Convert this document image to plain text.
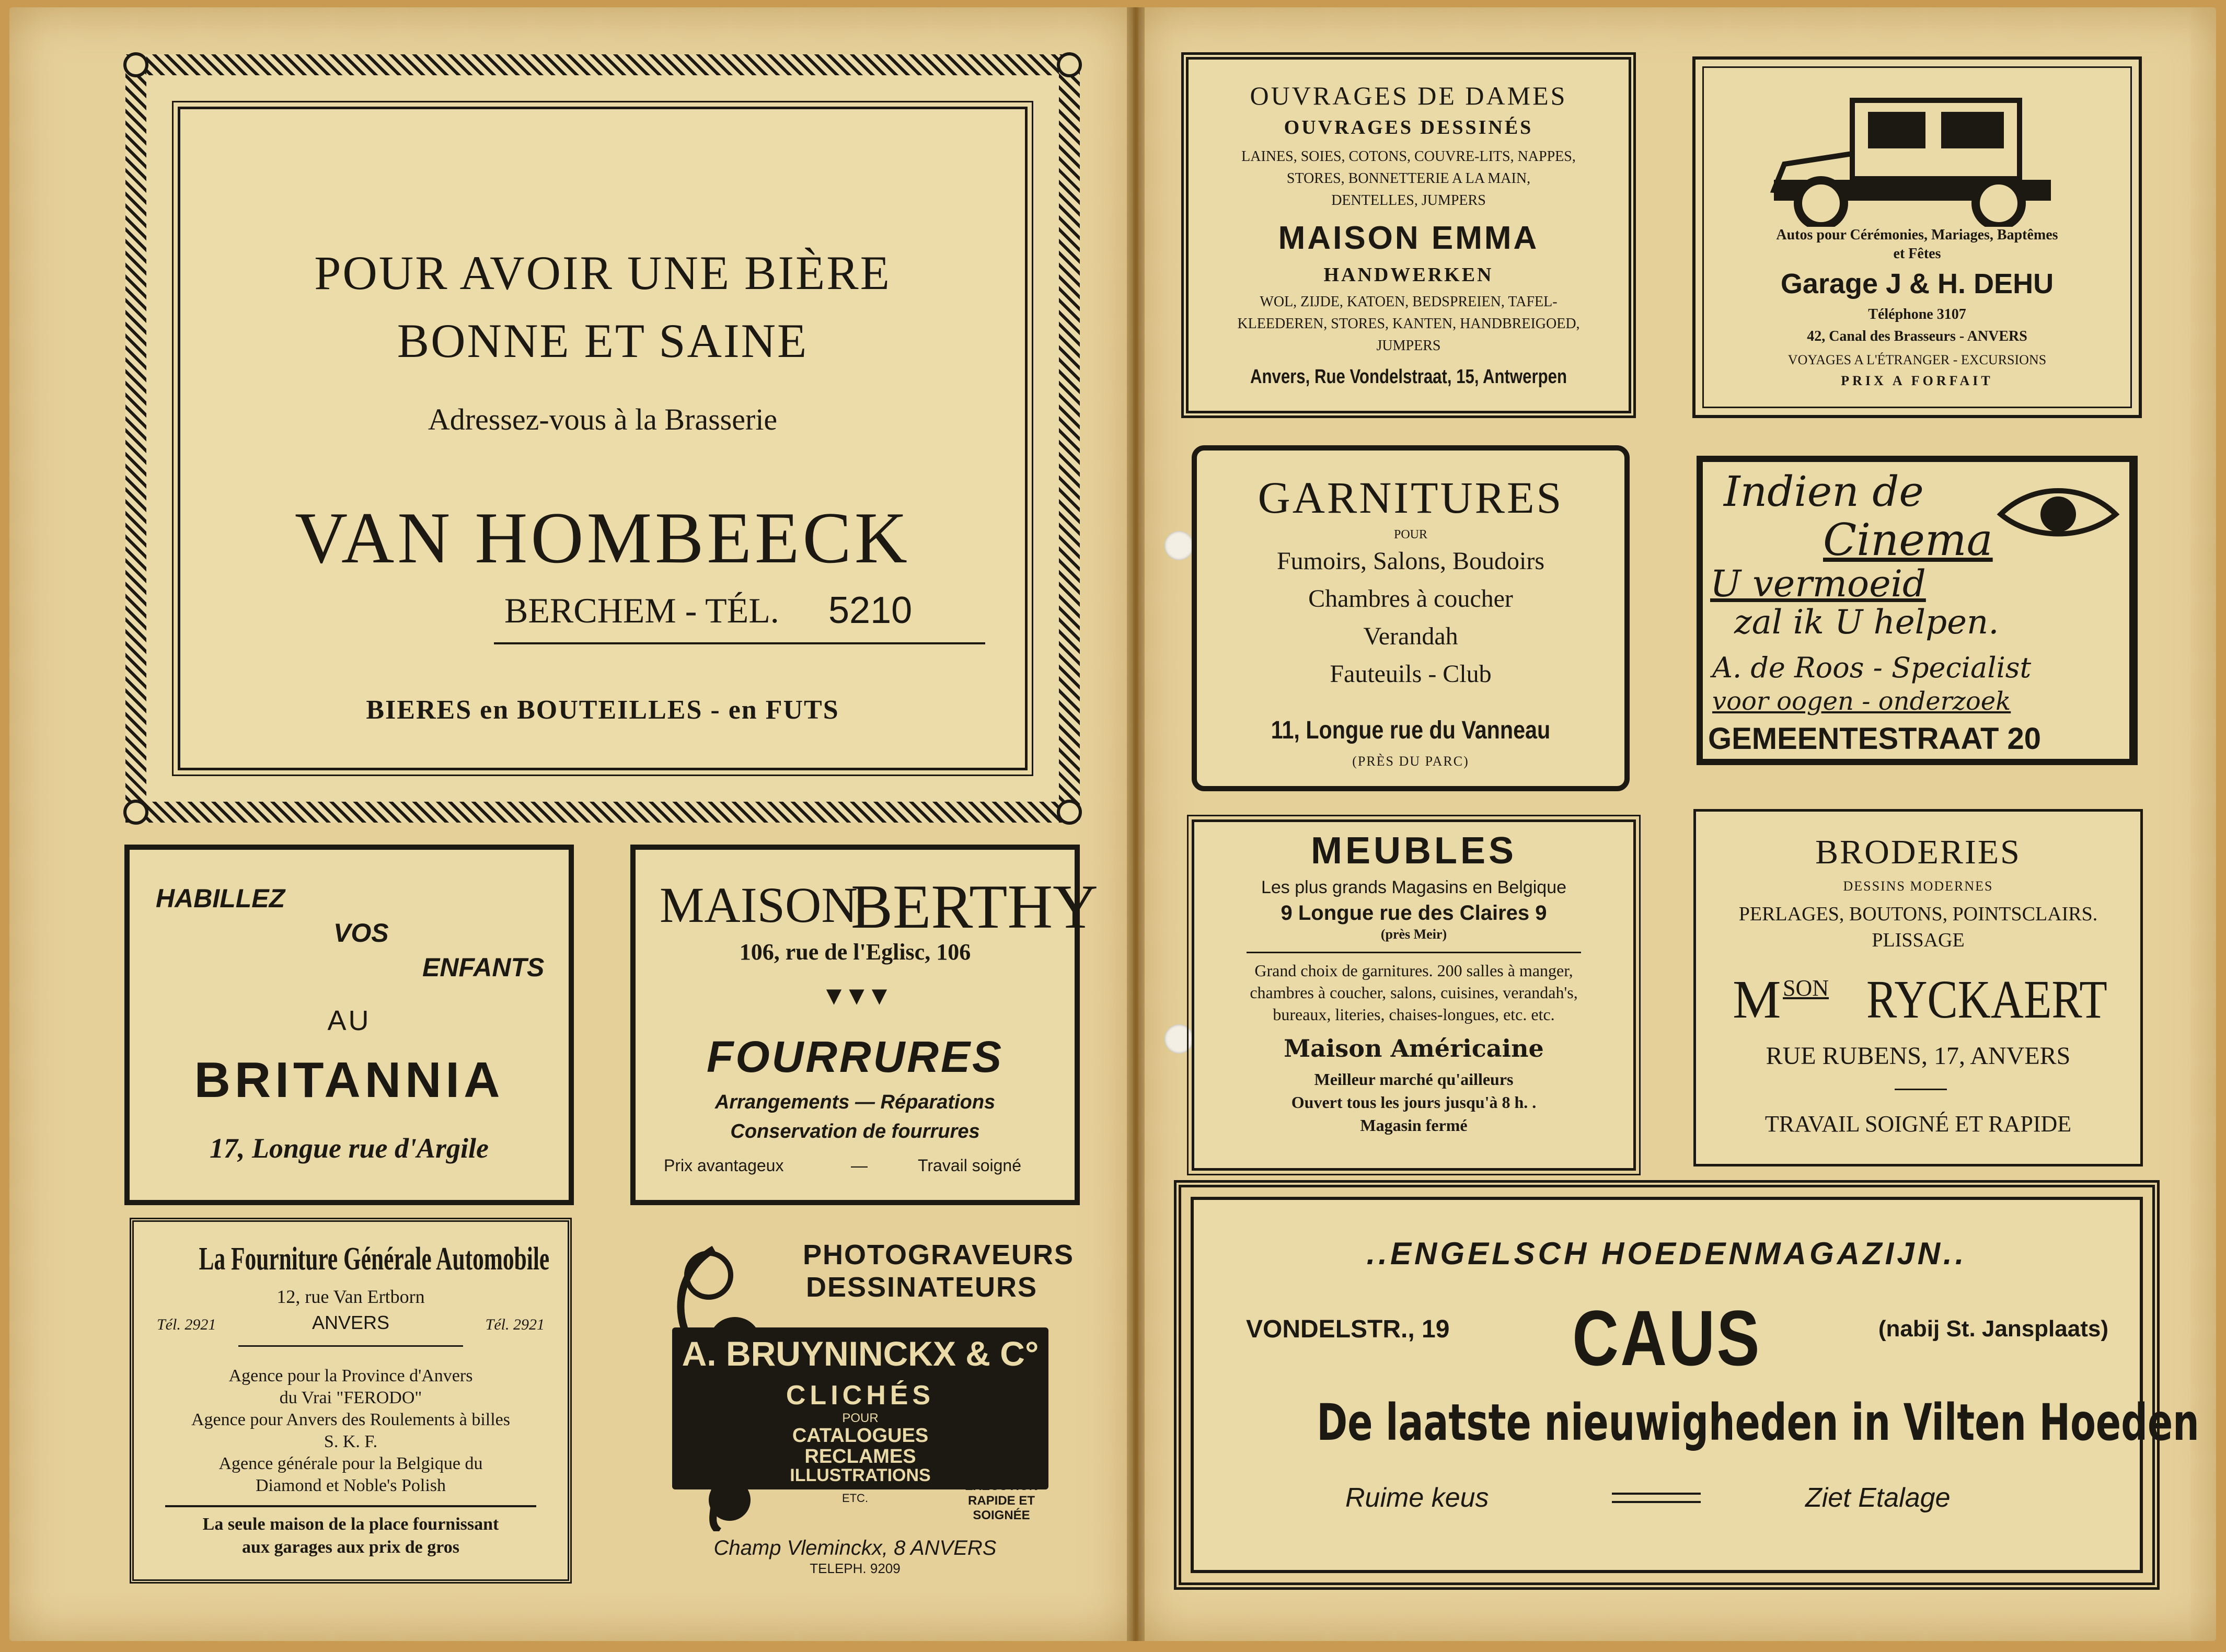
POUR AVOIR UNE BIÈRE
BONNE ET SAINE
Adressez-vous à la Brasserie
VAN HOMBEECK
BERCHEM - TÉL. 5210
BIERES en BOUTEILLES - en FUTS
HABILLEZ
VOS
ENFANTS
AU
BRITANNIA
17, Longue rue d'Argile
MAISON
BERTHY
106, rue de l'Eglisc, 106
▼▼▼
FOURRURES
Arrangements — Réparations
Conservation de fourrures
Prix avantageux	—	Travail soigné
La Fourniture Générale Automobile
12, rue Van Ertborn
Tél. 2921	ANVERS	Tél. 2921
Agence pour la Province d'Anvers
du Vrai "FERODO"
Agence pour Anvers des Roulements à billes
S. K. F.
Agence générale pour la Belgique du
Diamond et Noble's Polish
La seule maison de la place fournissant
aux garages aux prix de gros
PHOTOGRAVEURS
DESSINATEURS
A. BRUYNINCKX & C°
CLICHÉS
POUR
CATALOGUES
RECLAMES
ILLUSTRATIONS
ETC.
EXÉCUTION
RAPIDE ET
SOIGNÉE
Champ Vleminckx, 8 ANVERS
TELEPH. 9209
OUVRAGES DE DAMES
OUVRAGES DESSINÉS
LAINES, SOIES, COTONS, COUVRE-LITS, NAPPES,
STORES, BONNETTERIE A LA MAIN,
DENTELLES, JUMPERS
MAISON EMMA
HANDWERKEN
WOL, ZIJDE, KATOEN, BEDSPREIEN, TAFEL-
KLEEDEREN, STORES, KANTEN, HANDBREIGOED,
JUMPERS
Anvers, Rue Vondelstraat, 15, Antwerpen
Autos pour Cérémonies, Mariages, Baptêmes
et Fêtes
Garage J & H. DEHU
Téléphone 3107
42, Canal des Brasseurs - ANVERS
VOYAGES A L'ÉTRANGER - EXCURSIONS
PRIX A FORFAIT
GARNITURES
POUR
Fumoirs, Salons, Boudoirs
Chambres à coucher
Verandah
Fauteuils - Club
11, Longue rue du Vanneau
(PRÈS DU PARC)
Indien de
Cinema
U vermoeid
zal ik U helpen.
A. de Roos - Specialist
voor oogen - onderzoek
GEMEENTESTRAAT 20
MEUBLES
Les plus grands Magasins en Belgique
9 Longue rue des Claires 9
(près Meir)
Grand choix de garnitures. 200 salles à manger,
chambres à coucher, salons, cuisines, verandah's,
bureaux, literies, chaises-longues, etc. etc.
Maison Américaine
Meilleur marché qu'ailleurs
Ouvert tous les jours jusqu'à 8 h. .
Magasin fermé
BRODERIES
DESSINS MODERNES
PERLAGES, BOUTONS, POINTSCLAIRS.
PLISSAGE
M SON RYCKAERT
RUE RUBENS, 17, ANVERS
TRAVAIL SOIGNÉ ET RAPIDE
..ENGELSCH HOEDENMAGAZIJN..
VONDELSTR., 19	CAUS	(nabij St. Jansplaats)
De laatste nieuwigheden in Vilten Hoeden
Ruime keus	Ziet Etalage
